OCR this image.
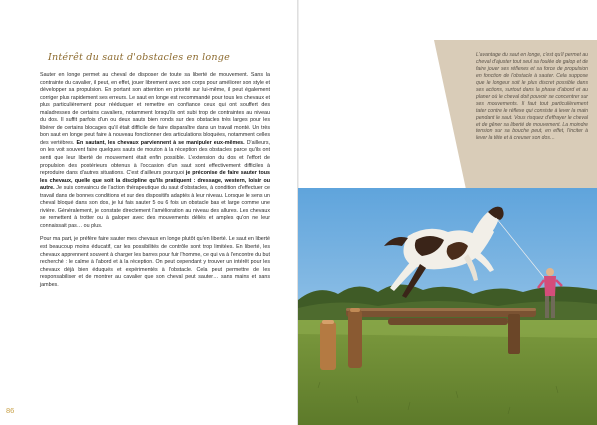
Intérêt du saut d'obstacles en longe

Sauter en longe permet au cheval de disposer de toute sa liberté de mouvement. Sans la contrainte du cavalier, il peut, en effet, jouer librement avec son corps pour améliorer son style et développer sa propulsion. En portant son attention en priorité sur lui-même, il peut également corriger plus rapidement ses erreurs. Le saut en longe est recommandé pour tous les chevaux et plus particulièrement pour rééduquer et remettre en confiance ceux qui ont souffert des maladresses de certains cavaliers, notamment lorsqu'ils ont subi trop de contraintes au niveau du dos. Il suffit parfois d'un ou deux sauts bien ronds sur des obstacles très larges pour les libérer de certains blocages qu'il était difficile de faire disparaître dans un travail monté. Un très bon saut en longe peut faire à nouveau fonctionner des articulations bloquées, notamment celles des vertèbres. En sautant, les chevaux parviennent à se manipuler eux-mêmes. D'ailleurs, on les voit souvent faire quelques sauts de mouton à la réception des obstacles parce qu'ils ont senti que leur liberté de mouvement était enfin possible. L'extension du dos et l'effort de propulsion des postérieurs obtenus à l'occasion d'un saut sont effectivement difficiles à reproduire dans d'autres situations. C'est d'ailleurs pourquoi je préconise de faire sauter tous les chevaux, quelle que soit la discipline qu'ils pratiquent : dressage, western, loisir ou autre. Je suis convaincu de l'action thérapeutique du saut d'obstacles, à condition d'effectuer ce travail dans de bonnes conditions et sur des dispositifs adaptés à leur niveau. Lorsque le sens un cheval bloqué dans son dos, je lui fais sauter 5 ou 6 fois un obstacle bas et large comme une rivière. Généralement, je constate directement l'amélioration au niveau des allures. Les chevaux se remettent à trotter ou à galoper avec des mouvements déliés et amples qu'on ne leur connaissait pas… ou plus.

Pour ma part, je préfère faire sauter mes chevaux en longe plutôt qu'en liberté. Le saut en liberté est beaucoup moins éducatif, car les possibilités de contrôle sont trop limitées. En liberté, les chevaux apprennent souvent à charger les barres pour fuir l'homme, ce qui va à l'encontre du but recherché : le calme à l'abord et à la réception. On peut cependant y trouver un intérêt pour les chevaux déjà bien éduqués et expérimentés à l'obstacle. Cela peut permettre de les responsabiliser et de montrer au cavalier que son cheval peut sauter… sans mains et sans jambes.

86
L'avantage du saut en longe, c'est qu'il permet au cheval d'ajuster tout seul sa foulée de galop et de faire jouer ses réflexes et sa force de propulsion en fonction de l'obstacle à sauter. Cela suppose que le longeur soit le plus discret possible dans ses actions, surtout dans la phase d'abord et au planer où le cheval doit pouvoir se concentrer sur ses mouvements. Il faut tout particulièrement tater contre le réflexe qui consiste à lever la main pendant le saut. Vous risquez d'effrayer le cheval et de gêner sa liberté de mouvement. La moindre tension sur sa bouche peut, en effet, l'inciter à lever la tête et à creuser son dos…
